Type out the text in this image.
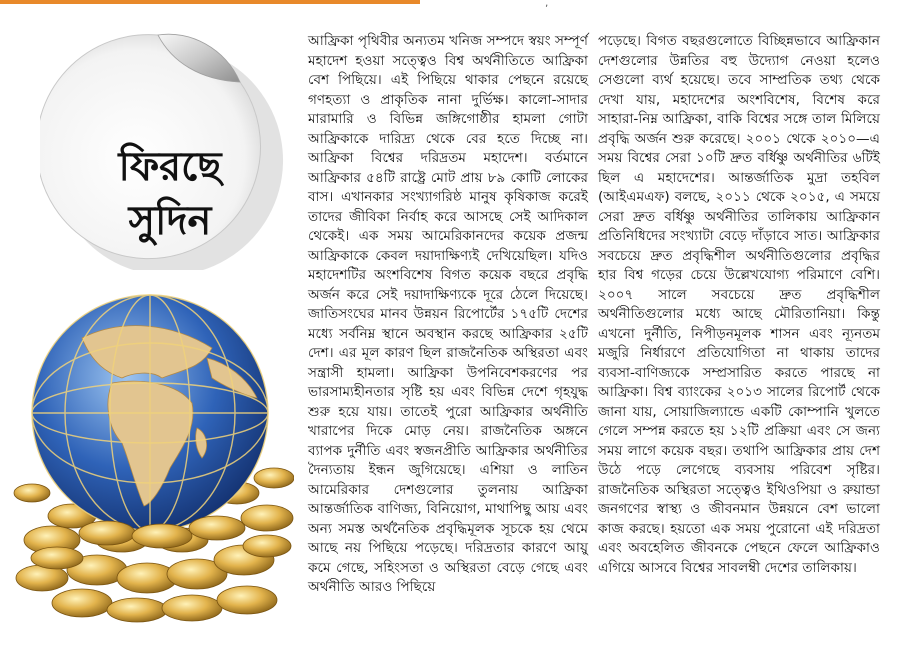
‚
ফিরছে
সুদিন

আফ্রিকা পৃথিবীর অন্যতম খনিজ সম্পদে স্বয়ং সম্পূর্ণ মহাদেশ হওয়া সত্ত্বেও বিশ্ব অর্থনীতিতে আফ্রিকা বেশ পিছিয়ে। এই পিছিয়ে থাকার পেছনে রয়েছে গণহত্যা ও প্রাকৃতিক নানা দুর্ভিক্ষ। কালো-সাদার মারামারি ও বিভিন্ন জঙ্গিগোষ্ঠীর হামলা গোটা আফ্রিকাকে দারিদ্র্য থেকে বের হতে দিচ্ছে না। আফ্রিকা বিশ্বের দরিদ্রতম মহাদেশ। বর্তমানে আফ্রিকার ৫৪টি রাষ্ট্রে মোট প্রায় ৮৯ কোটি লোকের বাস। এখানকার সংখ্যাগরিষ্ঠ মানুষ কৃষিকাজ করেই তাদের জীবিকা নির্বাহ করে আসছে সেই আদিকাল থেকেই। এক সময় আমেরিকানদের কয়েক প্রজন্ম আফ্রিকাকে কেবল দয়াদাক্ষিণ্যই দেখিয়েছিল। যদিও মহাদেশটির অংশবিশেষ বিগত কয়েক বছরে প্রবৃদ্ধি অর্জন করে সেই দয়াদাক্ষিণ্যকে দূরে ঠেলে দিয়েছে। জাতিসংঘের মানব উন্নয়ন রিপোর্টের ১৭৫টি দেশের মধ্যে সর্বনিম্ন স্থানে অবস্থান করছে আফ্রিকার ২৫টি দেশ। এর মূল কারণ ছিল রাজনৈতিক অস্থিরতা এবং সন্ত্রাসী হামলা। আফ্রিকা উপনিবেশকরণের পর ভারসাম্যহীনতার সৃষ্টি হয় এবং বিভিন্ন দেশে গৃহযুদ্ধ শুরু হয়ে যায়। তাতেই পুরো আফ্রিকার অর্থনীতি খারাপের দিকে মোড় নেয়। রাজনৈতিক অঙ্গনে ব্যাপক দুর্নীতি এবং স্বজনপ্রীতি আফ্রিকার অর্থনীতির দৈন্যতায় ইন্ধন জুগিয়েছে। এশিয়া ও লাতিন আমেরিকার দেশগুলোর তুলনায় আফ্রিকা আন্তর্জাতিক বাণিজ্য, বিনিয়োগ, মাথাপিছু আয় এবং অন্য সমস্ত অর্থনৈতিক প্রবৃদ্ধিমূলক সূচকে হয় থেমে আছে নয় পিছিয়ে পড়েছে। দরিদ্রতার কারণে আয়ু কমে গেছে, সহিংসতা ও অস্থিরতা বেড়ে গেছে এবং অর্থনীতি আরও পিছিয়ে

পড়েছে। বিগত বছরগুলোতে বিচ্ছিন্নভাবে আফ্রিকান দেশগুলোর উন্নতির বহু উদ্যোগ নেওয়া হলেও সেগুলো ব্যর্থ হয়েছে। তবে সাম্প্রতিক তথ্য থেকে দেখা যায়, মহাদেশের অংশবিশেষ, বিশেষ করে সাহারা-নিম্ন আফ্রিকা, বাকি বিশ্বের সঙ্গে তাল মিলিয়ে প্রবৃদ্ধি অর্জন শুরু করেছে। ২০০১ থেকে ২০১০—এ সময় বিশ্বের সেরা ১০টি দ্রুত বর্ধিষ্ণু অর্থনীতির ৬টিই ছিল এ মহাদেশের। আন্তর্জাতিক মুদ্রা তহবিল (আইএমএফ) বলছে, ২০১১ থেকে ২০১৫, এ সময়ে সেরা দ্রুত বর্ধিষ্ণু অর্থনীতির তালিকায় আফ্রিকান প্রতিনিধিদের সংখ্যাটা বেড়ে দাঁড়াবে সাত। আফ্রিকার সবচেয়ে দ্রুত প্রবৃদ্ধিশীল অর্থনীতিগুলোর প্রবৃদ্ধির হার বিশ্ব গড়ের চেয়ে উল্লেখযোগ্য পরিমাণে বেশি। ২০০৭ সালে সবচেয়ে দ্রুত প্রবৃদ্ধিশীল অর্থনীতিগুলোর মধ্যে আছে মৌরিতানিয়া। কিন্তু এখনো দুর্নীতি, নিপীড়নমূলক শাসন এবং ন্যূনতম মজুরি নির্ধারণে প্রতিযোগিতা না থাকায় তাদের ব্যবসা-বাণিজ্যকে সম্প্রসারিত করতে পারছে না আফ্রিকা। বিশ্ব ব্যাংকের ২০১৩ সালের রিপোর্ট থেকে জানা যায়, সোয়াজিল্যান্ডে একটি কোম্পানি খুলতে গেলে সম্পন্ন করতে হয় ১২টি প্রক্রিয়া এবং সে জন্য সময় লাগে কয়েক বছর। তথাপি আফ্রিকার প্রায় দেশ উঠে পড়ে লেগেছে ব্যবসায় পরিবেশ সৃষ্টির। রাজনৈতিক অস্থিরতা সত্ত্বেও ইথিওপিয়া ও রুয়ান্ডা জনগণের স্বাস্থ্য ও জীবনমান উন্নয়নে বেশ ভালো কাজ করছে। হয়তো এক সময় পুরোনো এই দরিদ্রতা এবং অবহেলিত জীবনকে পেছনে ফেলে আফ্রিকাও এগিয়ে আসবে বিশ্বের সাবলম্বী দেশের তালিকায়।
